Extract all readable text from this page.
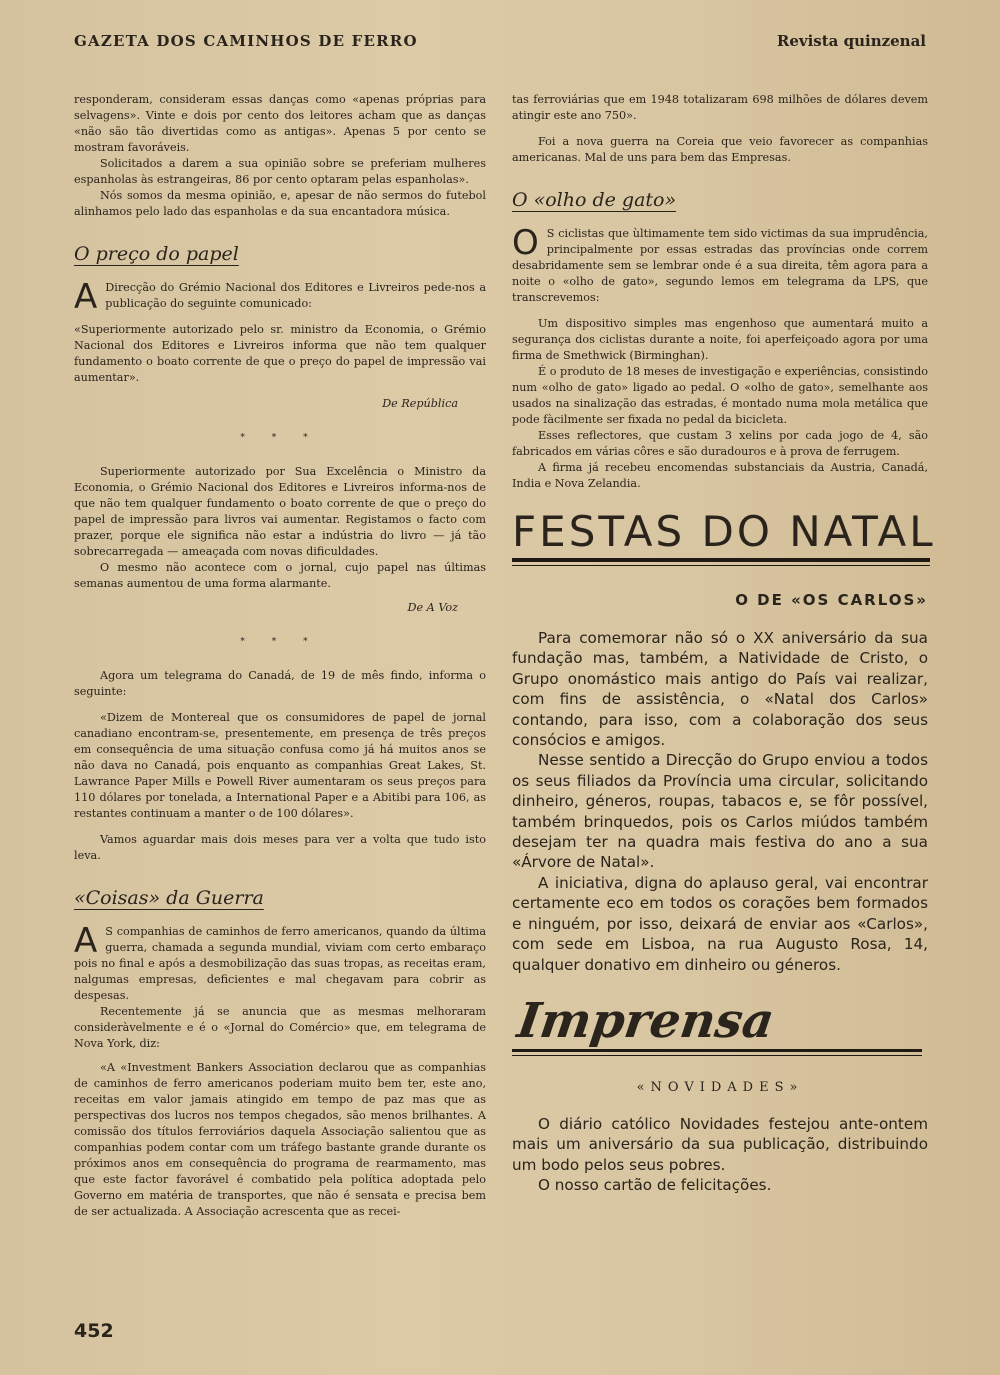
GAZETA DOS CAMINHOS DE FERRO	Revista quinzenal

responderam, consideram essas danças como «apenas próprias para selvagens». Vinte e dois por cento dos leitores acham que as danças «não são tão divertidas como as antigas». Apenas 5 por cento se mostram favoráveis.

Solicitados a darem a sua opinião sobre se preferiam mulheres espanholas às estrangeiras, 86 por cento optaram pelas espanholas».

Nós somos da mesma opinião, e, apesar de não sermos do futebol alinhamos pelo lado das espanholas e da sua encantadora música.

O preço do papel

A Direcção do Grémio Nacional dos Editores e Livreiros pede-nos a publicação do seguinte comunicado:

«Superiormente autorizado pelo sr. ministro da Economia, o Grémio Nacional dos Editores e Livreiros informa que não tem qualquer fundamento o boato corrente de que o preço do papel de impressão vai aumentar».

De República

* * *

Superiormente autorizado por Sua Excelência o Ministro da Economia, o Grémio Nacional dos Editores e Livreiros informa-nos de que não tem qualquer fundamento o boato corrente de que o preço do papel de impressão para livros vai aumentar. Registamos o facto com prazer, porque ele significa não estar a indústria do livro — já tão sobrecarregada — ameaçada com novas dificuldades.

O mesmo não acontece com o jornal, cujo papel nas últimas semanas aumentou de uma forma alarmante.

De A Voz

* * *

Agora um telegrama do Canadá, de 19 de mês findo, informa o seguinte:

«Dizem de Montereal que os consumidores de papel de jornal canadiano encontram-se, presentemente, em presença de três preços em consequência de uma situação confusa como já há muitos anos se não dava no Canadá, pois enquanto as companhias Great Lakes, St. Lawrance Paper Mills e Powell River aumentaram os seus preços para 110 dólares por tonelada, a International Paper e a Abitibi para 106, as restantes continuam a manter o de 100 dólares».

Vamos aguardar mais dois meses para ver a volta que tudo isto leva.

«Coisas» da Guerra

A S companhias de caminhos de ferro americanos, quando da última guerra, chamada a segunda mundial, viviam com certo embaraço pois no final e após a desmobilização das suas tropas, as receitas eram, nalgumas empresas, deficientes e mal chegavam para cobrir as despesas.

Recentemente já se anuncia que as mesmas melhoraram consideràvelmente e é o «Jornal do Comércio» que, em telegrama de Nova York, diz:

«A «Investment Bankers Association declarou que as companhias de caminhos de ferro americanos poderiam muito bem ter, este ano, receitas em valor jamais atingido em tempo de paz mas que as perspectivas dos lucros nos tempos chegados, são menos brilhantes. A comissão dos títulos ferroviários daquela Associação salientou que as companhias podem contar com um tráfego bastante grande durante os próximos anos em consequência do programa de rearmamento, mas que este factor favorável é combatido pela política adoptada pelo Governo em matéria de transportes, que não é sensata e precisa bem de ser actualizada. A Associação acrescenta que as recei-

tas ferroviárias que em 1948 totalizaram 698 milhões de dólares devem atingir este ano 750».

Foi a nova guerra na Coreia que veio favorecer as companhias americanas. Mal de uns para bem das Empresas.

O «olho de gato»

O S ciclistas que ùltimamente tem sido victimas da sua imprudência, principalmente por essas estradas das províncias onde correm desabridamente sem se lembrar onde é a sua direita, têm agora para a noite o «olho de gato», segundo lemos em telegrama da LPS, que transcrevemos:

Um dispositivo simples mas engenhoso que aumentará muito a segurança dos ciclistas durante a noite, foi aperfeiçoado agora por uma firma de Smethwick (Birminghan).

É o produto de 18 meses de investigação e experiências, consistindo num «olho de gato» ligado ao pedal. O «olho de gato», semelhante aos usados na sinalização das estradas, é montado numa mola metálica que pode fàcilmente ser fixada no pedal da bicicleta.

Esses reflectores, que custam 3 xelins por cada jogo de 4, são fabricados em várias côres e são duradouros e à prova de ferrugem.

A firma já recebeu encomendas substanciais da Austria, Canadá, India e Nova Zelandia.

FESTAS DO NATAL
O DE «OS CARLOS»

Para comemorar não só o XX aniversário da sua fundação mas, também, a Natividade de Cristo, o Grupo onomástico mais antigo do País vai realizar, com fins de assistência, o «Natal dos Carlos» contando, para isso, com a colaboração dos seus consócios e amigos.

Nesse sentido a Direcção do Grupo enviou a todos os seus filiados da Província uma circular, solicitando dinheiro, géneros, roupas, tabacos e, se fôr possível, também brinquedos, pois os Carlos miúdos também desejam ter na quadra mais festiva do ano a sua «Árvore de Natal».

A iniciativa, digna do aplauso geral, vai encontrar certamente eco em todos os corações bem formados e ninguém, por isso, deixará de enviar aos «Carlos», com sede em Lisboa, na rua Augusto Rosa, 14, qualquer donativo em dinheiro ou géneros.

Imprensa
«NOVIDADES»

O diário católico Novidades festejou ante-ontem mais um aniversário da sua publicação, distribuindo um bodo pelos seus pobres.

O nosso cartão de felicitações.

452
